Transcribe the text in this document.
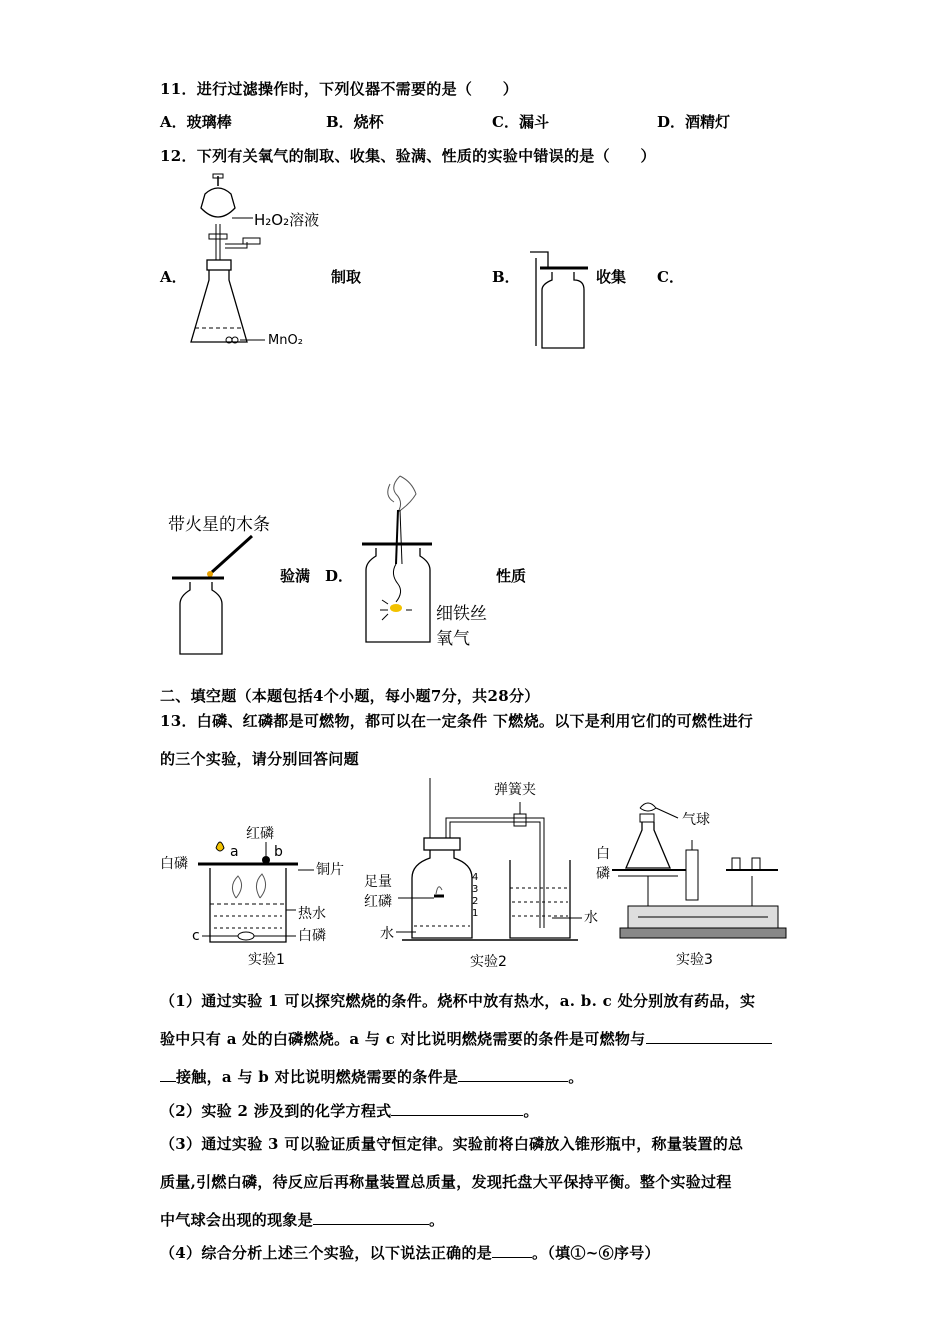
11．进行过滤操作时，下列仪器不需要的是（　　）
A．玻璃棒	B．烧杯	C．漏斗	D．酒精灯
12．下列有关氧气的制取、收集、验满、性质的实验中错误的是（　　）
A．	制取
H₂O₂溶液
MnO₂
B．	收集 C．
带火星的木条
验满 D．
细铁丝
氧气
性质
二、填空题（本题包括4个小题，每小题7分，共28分）
13．白磷、红磷都是可燃物，都可以在一定条件 下燃烧。以下是利用它们的可燃性进行
的三个实验，请分别回答问题
红磷
a	b
白磷	铜片
热水
c	白磷
实验1
弹簧夹
足量
红磷
水
水
4
3
2
1
实验2
气球
白
磷
实验3
（1）通过实验 1 可以探究燃烧的条件。烧杯中放有热水，a. b. c 处分别放有药品，实
验中只有 a 处的白磷燃烧。a 与 c 对比说明燃烧需要的条件是可燃物与
接触，a 与 b 对比说明燃烧需要的条件是	。
（2）实验 2 涉及到的化学方程式	。
（3）通过实验 3 可以验证质量守恒定律。实验前将白磷放入锥形瓶中，称量装置的总
质量,引燃白磷，待反应后再称量装置总质量，发现托盘大平保持平衡。整个实验过程
中气球会出现的现象是	。
（4）综合分析上述三个实验，以下说法正确的是	。（填①~⑥序号）
